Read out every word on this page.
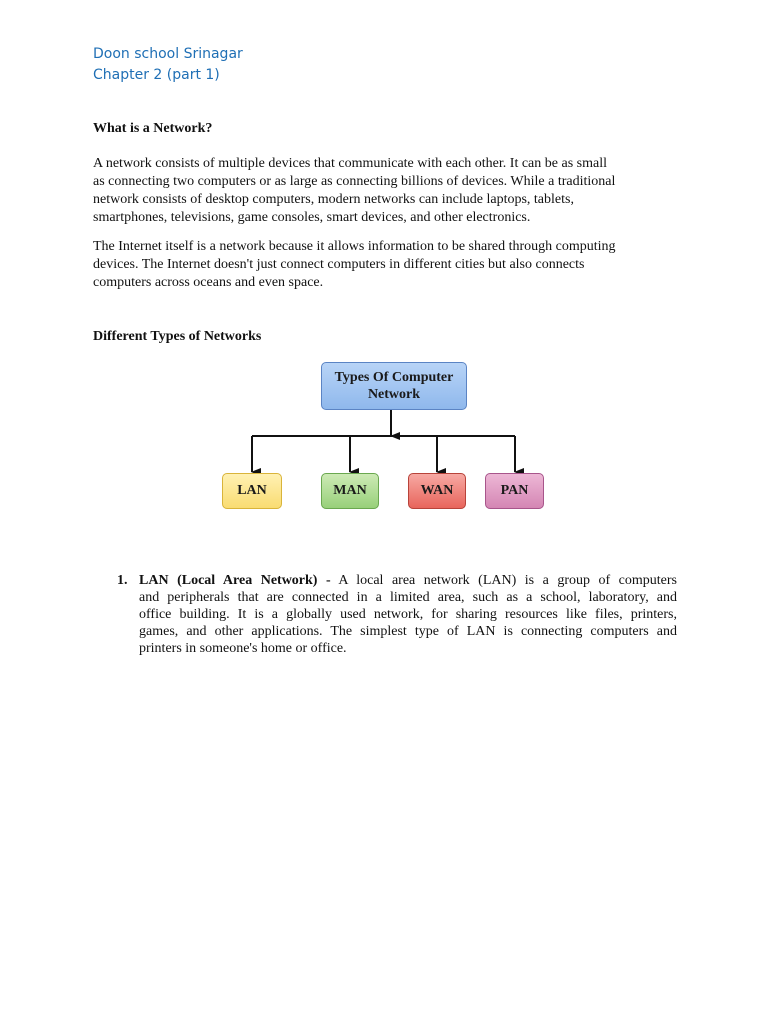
Doon school Srinagar
Chapter 2 (part 1)
What is a Network?
A network consists of multiple devices that communicate with each other. It can be as small
as connecting two computers or as large as connecting billions of devices. While a traditional
network consists of desktop computers, modern networks can include laptops, tablets,
smartphones, televisions, game consoles, smart devices, and other electronics.
The Internet itself is a network because it allows information to be shared through computing
devices. The Internet doesn't just connect computers in different cities but also connects
computers across oceans and even space.
Different Types of Networks
Types Of Computer
Network
LAN	MAN	WAN	PAN
1. LAN (Local Area Network) - A local area network (LAN) is a group of computers
and peripherals that are connected in a limited area, such as a school, laboratory, and
office building. It is a globally used network, for sharing resources like files, printers,
games, and other applications. The simplest type of LAN is connecting computers and
printers in someone's home or office.
